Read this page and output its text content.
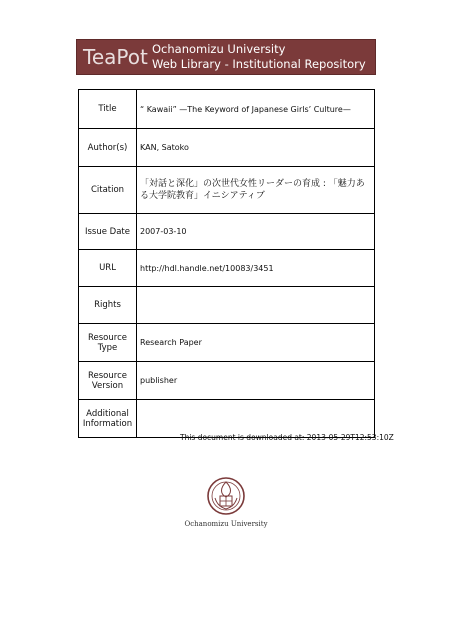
TeaPot Ochanomizu University
Web Library - Institutional Repository
Title	“ Kawaii” —The Keyword of Japanese Girls’ Culture—
Author(s)	KAN, Satoko
Citation	「対話と深化」の次世代女性リーダーの育成 : 「魅力ある大学院教育」イニシアティブ
Issue Date	2007-03-10
URL	http://hdl.handle.net/10083/3451
Rights	
Resource Type	Research Paper
Resource Version	publisher
Additional Information	
This document is downloaded at: 2013-05-29T12:53:10Z
Ochanomizu University
